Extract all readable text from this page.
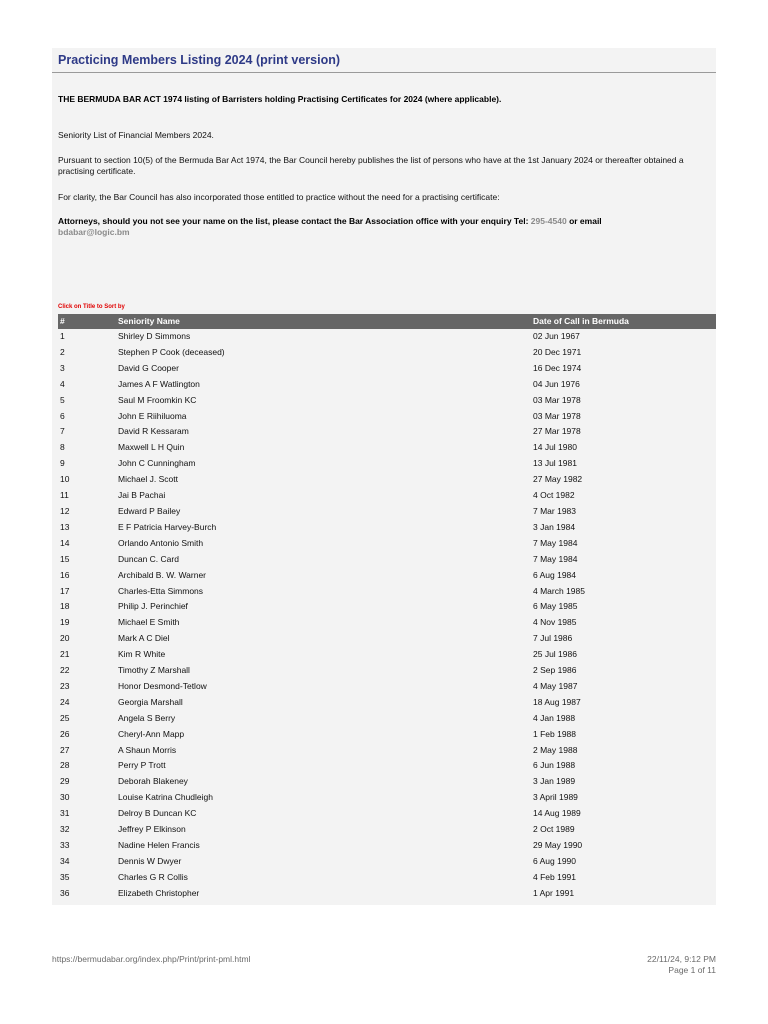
Practicing Members Listing 2024 (print version)
THE BERMUDA BAR ACT 1974 listing of Barristers holding Practising Certificates for 2024 (where applicable).
Seniority List of Financial Members 2024.
Pursuant to section 10(5) of the Bermuda Bar Act 1974, the Bar Council hereby publishes the list of persons who have at the 1st January 2024 or thereafter obtained a practising certificate.
For clarity, the Bar Council has also incorporated those entitled to practice without the need for a practising certificate:
Attorneys, should you not see your name on the list, please contact the Bar Association office with your enquiry Tel: 295-4540 or email
bdabar@logic.bm
Click on Title to Sort by
#	Seniority Name	Date of Call in Bermuda
1	Shirley D Simmons	02 Jun 1967
2	Stephen P Cook (deceased)	20 Dec 1971
3	David G Cooper	16 Dec 1974
4	James A F Watlington	04 Jun 1976
5	Saul M Froomkin KC	03 Mar 1978
6	John E Riihiluoma	03 Mar 1978
7	David R Kessaram	27 Mar 1978
8	Maxwell L H Quin	14 Jul 1980
9	John C Cunningham	13 Jul 1981
10	Michael J. Scott	27 May 1982
11	Jai B Pachai	4 Oct 1982
12	Edward P Bailey	7 Mar 1983
13	E F Patricia Harvey-Burch	3 Jan 1984
14	Orlando Antonio Smith	7 May 1984
15	Duncan C. Card	7 May 1984
16	Archibald B. W. Warner	6 Aug 1984
17	Charles-Etta Simmons	4 March 1985
18	Philip J. Perinchief	6 May 1985
19	Michael E Smith	4 Nov 1985
20	Mark A C Diel	7 Jul 1986
21	Kim R White	25 Jul 1986
22	Timothy Z Marshall	2 Sep 1986
23	Honor Desmond-Tetlow	4 May 1987
24	Georgia Marshall	18 Aug 1987
25	Angela S Berry	4 Jan 1988
26	Cheryl-Ann Mapp	1 Feb 1988
27	A Shaun Morris	2 May 1988
28	Perry P Trott	6 Jun 1988
29	Deborah Blakeney	3 Jan 1989
30	Louise Katrina Chudleigh	3 April 1989
31	Delroy B Duncan KC	14 Aug 1989
32	Jeffrey P Elkinson	2 Oct 1989
33	Nadine Helen Francis	29 May 1990
34	Dennis W Dwyer	6 Aug 1990
35	Charles G R Collis	4 Feb 1991
36	Elizabeth Christopher	1 Apr 1991
https://bermudabar.org/index.php/Print/print-pml.html	22/11/24, 9:12 PM
Page 1 of 11
